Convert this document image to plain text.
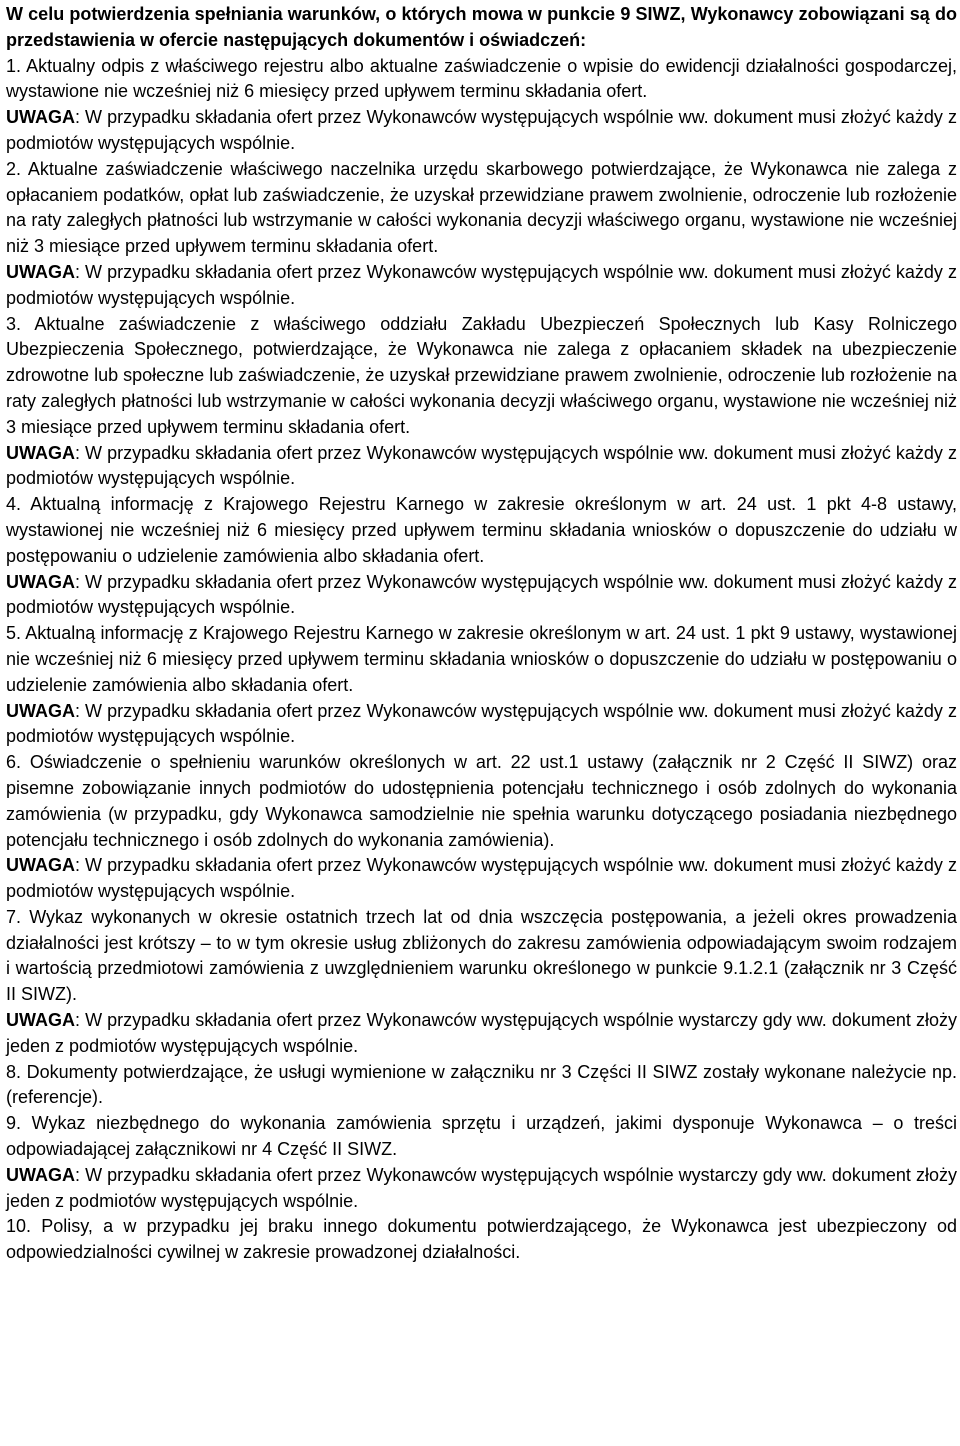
W celu potwierdzenia spełniania warunków, o których mowa w punkcie 9 SIWZ, Wykonawcy zobowiązani są do przedstawienia w ofercie następujących dokumentów i oświadczeń:

1. Aktualny odpis z właściwego rejestru albo aktualne zaświadczenie o wpisie do ewidencji działalności gospodarczej, wystawione nie wcześniej niż 6 miesięcy przed upływem terminu składania ofert.

UWAGA: W przypadku składania ofert przez Wykonawców występujących wspólnie ww. dokument musi złożyć każdy z podmiotów występujących wspólnie.

2. Aktualne zaświadczenie właściwego naczelnika urzędu skarbowego potwierdzające, że Wykonawca nie zalega z opłacaniem podatków, opłat lub zaświadczenie, że uzyskał przewidziane prawem zwolnienie, odroczenie lub rozłożenie na raty zaległych płatności lub wstrzymanie w całości wykonania decyzji właściwego organu, wystawione nie wcześniej niż 3 miesiące przed upływem terminu składania ofert.

UWAGA: W przypadku składania ofert przez Wykonawców występujących wspólnie ww. dokument musi złożyć każdy z podmiotów występujących wspólnie.

3. Aktualne zaświadczenie z właściwego oddziału Zakładu Ubezpieczeń Społecznych lub Kasy Rolniczego Ubezpieczenia Społecznego, potwierdzające, że Wykonawca nie zalega z opłacaniem składek na ubezpieczenie zdrowotne lub społeczne lub zaświadczenie, że uzyskał przewidziane prawem zwolnienie, odroczenie lub rozłożenie na raty zaległych płatności lub wstrzymanie w całości wykonania decyzji właściwego organu, wystawione nie wcześniej niż 3 miesiące przed upływem terminu składania ofert.

UWAGA: W przypadku składania ofert przez Wykonawców występujących wspólnie ww. dokument musi złożyć każdy z podmiotów występujących wspólnie.

4. Aktualną informację z Krajowego Rejestru Karnego w zakresie określonym w art. 24 ust. 1 pkt 4-8 ustawy, wystawionej nie wcześniej niż 6 miesięcy przed upływem terminu składania wniosków o dopuszczenie do udziału w postępowaniu o udzielenie zamówienia albo składania ofert.

UWAGA: W przypadku składania ofert przez Wykonawców występujących wspólnie ww. dokument musi złożyć każdy z podmiotów występujących wspólnie.

5. Aktualną informację z Krajowego Rejestru Karnego w zakresie określonym w art. 24 ust. 1 pkt 9 ustawy, wystawionej nie wcześniej niż 6 miesięcy przed upływem terminu składania wniosków o dopuszczenie do udziału w postępowaniu o udzielenie zamówienia albo składania ofert.

UWAGA: W przypadku składania ofert przez Wykonawców występujących wspólnie ww. dokument musi złożyć każdy z podmiotów występujących wspólnie.

6. Oświadczenie o spełnieniu warunków określonych w art. 22 ust.1 ustawy (załącznik nr 2 Część II SIWZ) oraz pisemne zobowiązanie innych podmiotów do udostępnienia potencjału technicznego i osób zdolnych do wykonania zamówienia (w przypadku, gdy Wykonawca samodzielnie nie spełnia warunku dotyczącego posiadania niezbędnego potencjału technicznego i osób zdolnych do wykonania zamówienia).

UWAGA: W przypadku składania ofert przez Wykonawców występujących wspólnie ww. dokument musi złożyć każdy z podmiotów występujących wspólnie.

7. Wykaz wykonanych w okresie ostatnich trzech lat od dnia wszczęcia postępowania, a jeżeli okres prowadzenia działalności jest krótszy – to w tym okresie usług zbliżonych do zakresu zamówienia odpowiadającym swoim rodzajem i wartością przedmiotowi zamówienia z uwzględnieniem warunku określonego w punkcie 9.1.2.1 (załącznik nr 3 Część II SIWZ).

UWAGA: W przypadku składania ofert przez Wykonawców występujących wspólnie wystarczy gdy ww. dokument złoży jeden z podmiotów występujących wspólnie.

8. Dokumenty potwierdzające, że usługi wymienione w załączniku nr 3 Części II SIWZ zostały wykonane należycie np. (referencje).

9. Wykaz niezbędnego do wykonania zamówienia sprzętu i urządzeń, jakimi dysponuje Wykonawca – o treści odpowiadającej załącznikowi nr 4 Część II SIWZ.

UWAGA: W przypadku składania ofert przez Wykonawców występujących wspólnie wystarczy gdy ww. dokument złoży jeden z podmiotów występujących wspólnie.

10. Polisy, a w przypadku jej braku innego dokumentu potwierdzającego, że Wykonawca jest ubezpieczony od odpowiedzialności cywilnej w zakresie prowadzonej działalności.
